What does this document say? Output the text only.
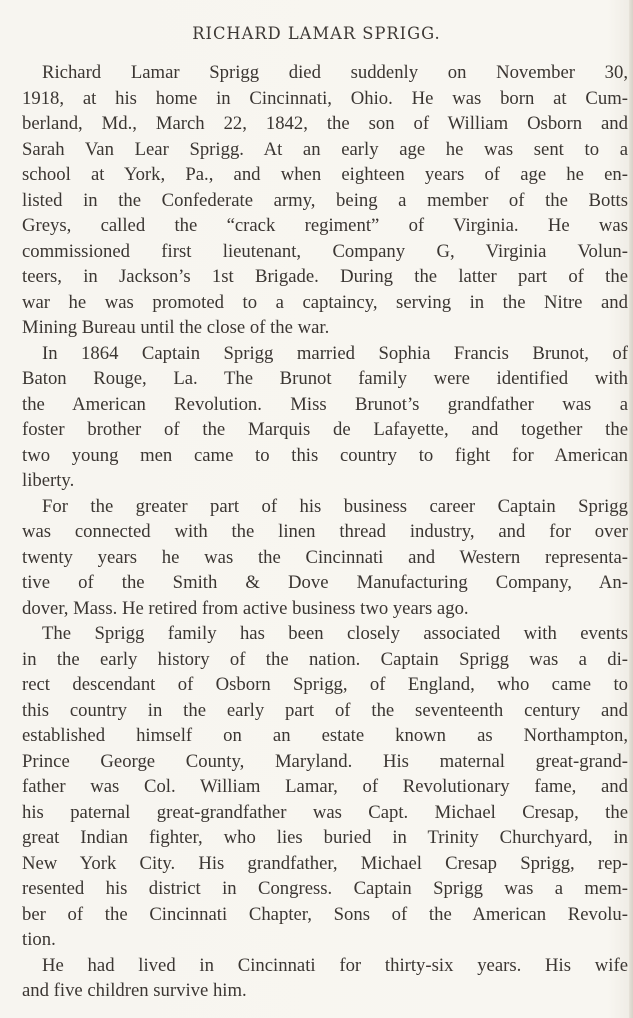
RICHARD LAMAR SPRIGG.
Richard Lamar Sprigg died suddenly on November 30,
1918, at his home in Cincinnati, Ohio. He was born at Cum-
berland, Md., March 22, 1842, the son of William Osborn and
Sarah Van Lear Sprigg. At an early age he was sent to a
school at York, Pa., and when eighteen years of age he en-
listed in the Confederate army, being a member of the Botts
Greys, called the “crack regiment” of Virginia. He was
commissioned first lieutenant, Company G, Virginia Volun-
teers, in Jackson’s 1st Brigade. During the latter part of the
war he was promoted to a captaincy, serving in the Nitre and
Mining Bureau until the close of the war.
In 1864 Captain Sprigg married Sophia Francis Brunot, of
Baton Rouge, La. The Brunot family were identified with
the American Revolution. Miss Brunot’s grandfather was a
foster brother of the Marquis de Lafayette, and together the
two young men came to this country to fight for American
liberty.
For the greater part of his business career Captain Sprigg
was connected with the linen thread industry, and for over
twenty years he was the Cincinnati and Western representa-
tive of the Smith & Dove Manufacturing Company, An-
dover, Mass. He retired from active business two years ago.
The Sprigg family has been closely associated with events
in the early history of the nation. Captain Sprigg was a di-
rect descendant of Osborn Sprigg, of England, who came to
this country in the early part of the seventeenth century and
established himself on an estate known as Northampton,
Prince George County, Maryland. His maternal great-grand-
father was Col. William Lamar, of Revolutionary fame, and
his paternal great-grandfather was Capt. Michael Cresap, the
great Indian fighter, who lies buried in Trinity Churchyard, in
New York City. His grandfather, Michael Cresap Sprigg, rep-
resented his district in Congress. Captain Sprigg was a mem-
ber of the Cincinnati Chapter, Sons of the American Revolu-
tion.
He had lived in Cincinnati for thirty-six years. His wife
and five children survive him.
